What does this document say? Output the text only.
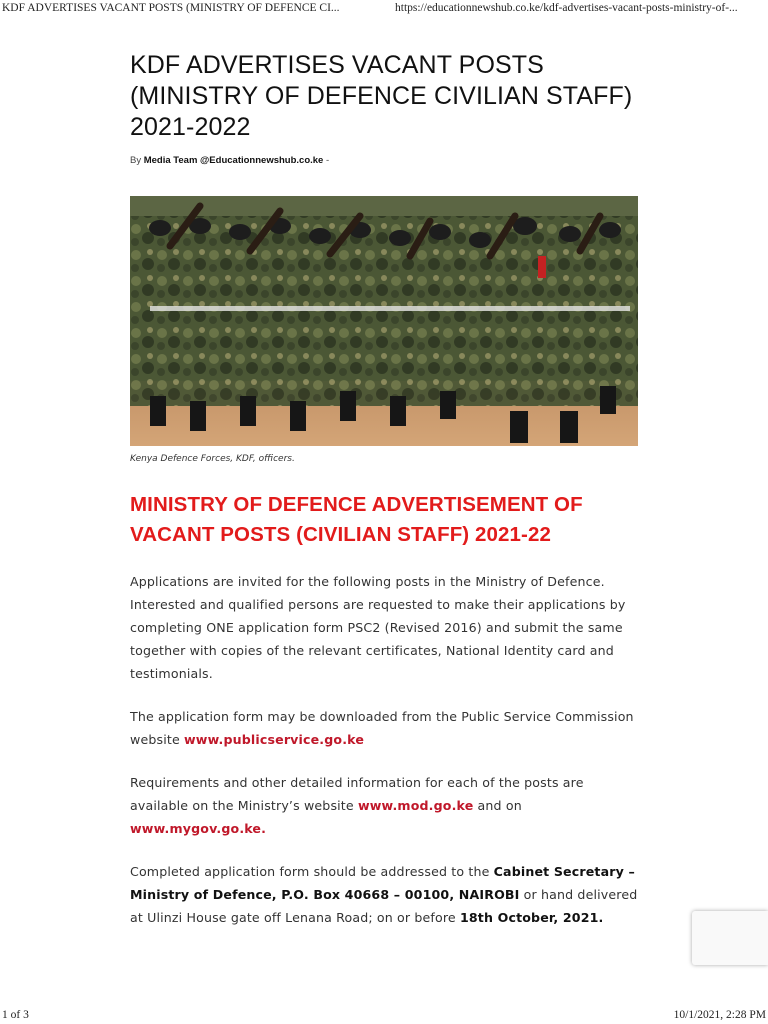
KDF ADVERTISES VACANT POSTS (MINISTRY OF DEFENCE CI...	https://educationnewshub.co.ke/kdf-advertises-vacant-posts-ministry-of-...
KDF ADVERTISES VACANT POSTS
(MINISTRY OF DEFENCE CIVILIAN STAFF)
2021-2022
By Media Team @Educationnewshub.co.ke -
Kenya Defence Forces, KDF, officers.
MINISTRY OF DEFENCE ADVERTISEMENT OF
VACANT POSTS (CIVILIAN STAFF) 2021-22

Applications are invited for the following posts in the Ministry of Defence. Interested and qualified persons are requested to make their applications by completing ONE application form PSC2 (Revised 2016) and submit the same together with copies of the relevant certificates, National Identity card and testimonials.

The application form may be downloaded from the Public Service Commission website www.publicservice.go.ke

Requirements and other detailed information for each of the posts are available on the Ministry’s website www.mod.go.ke and on
www.mygov.go.ke.

Completed application form should be addressed to the Cabinet Secretary – Ministry of Defence, P.O. Box 40668 – 00100, NAIROBI or hand delivered at Ulinzi House gate off Lenana Road; on or before 18th October, 2021.

1 of 3	10/1/2021, 2:28 PM
